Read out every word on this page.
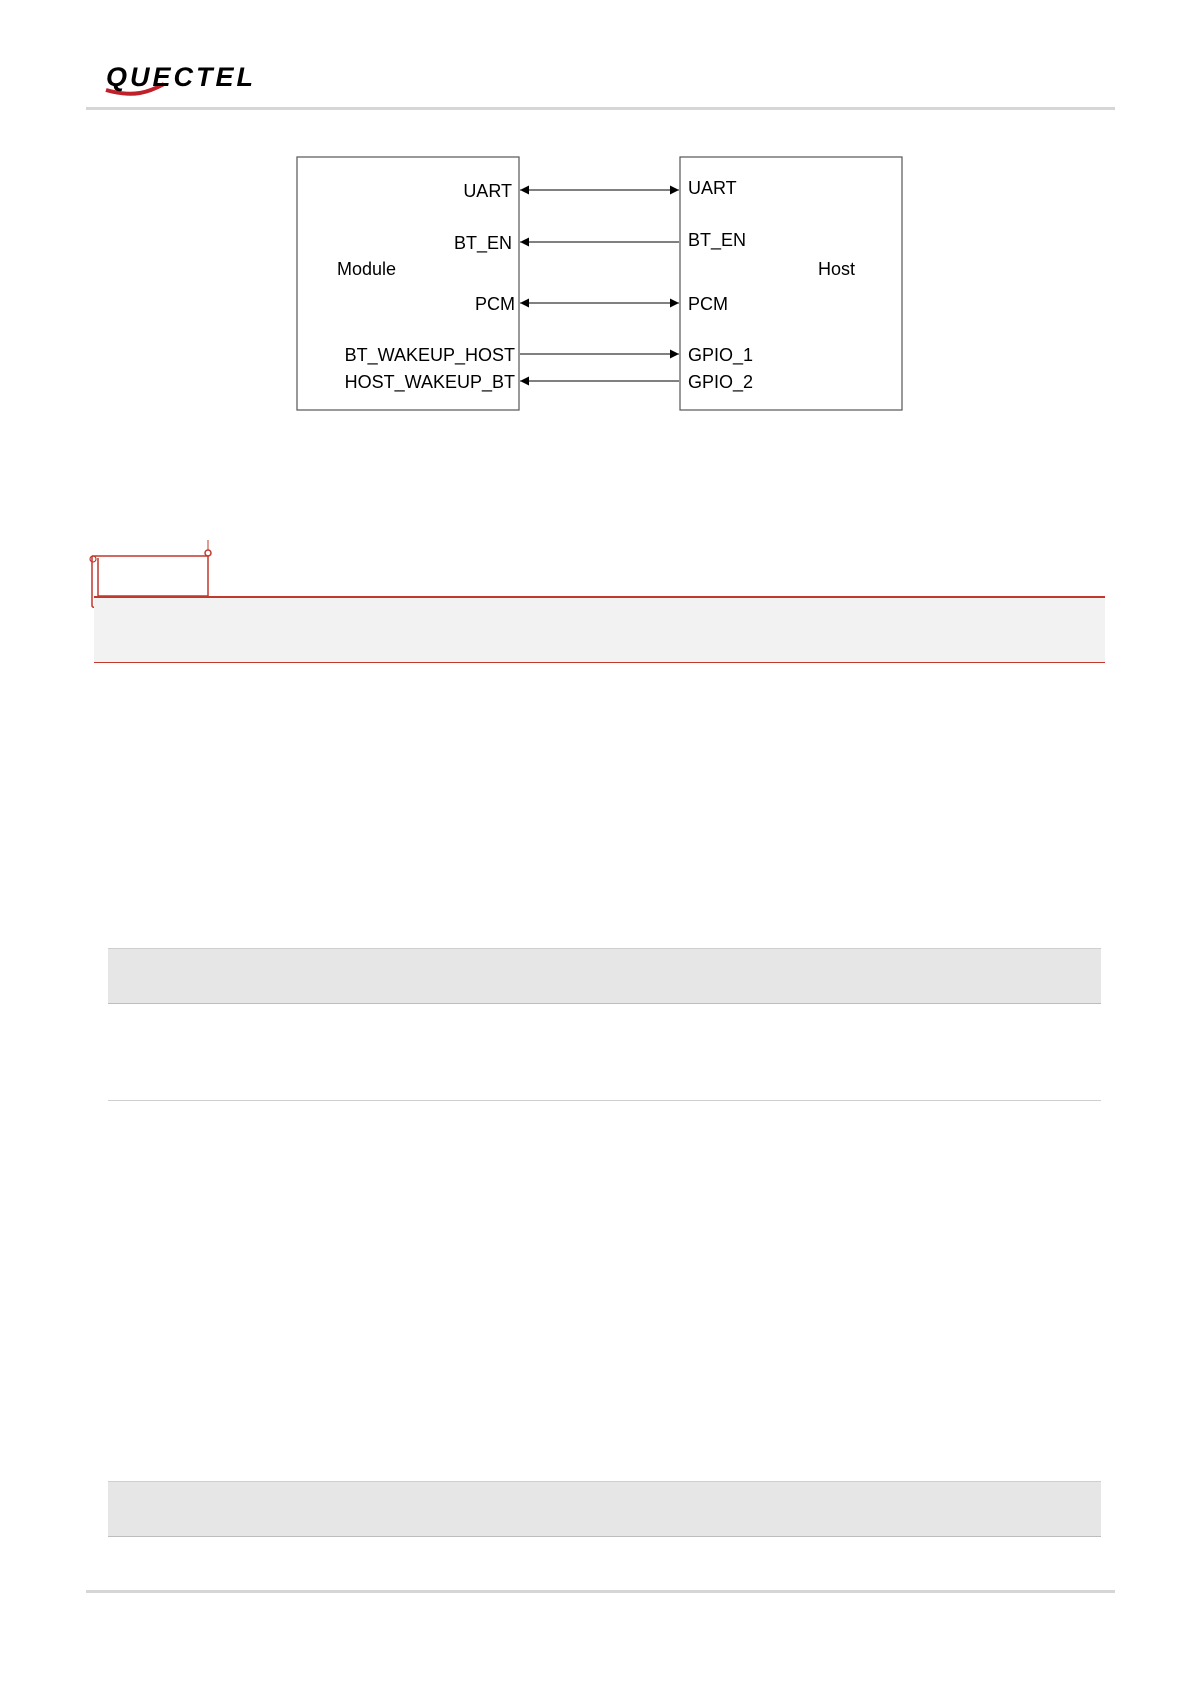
QUECTEL
Module	Host
UART
BT_EN
PCM
BT_WAKEUP_HOST
HOST_WAKEUP_BT
UART
BT_EN
PCM
GPIO_1
GPIO_2
